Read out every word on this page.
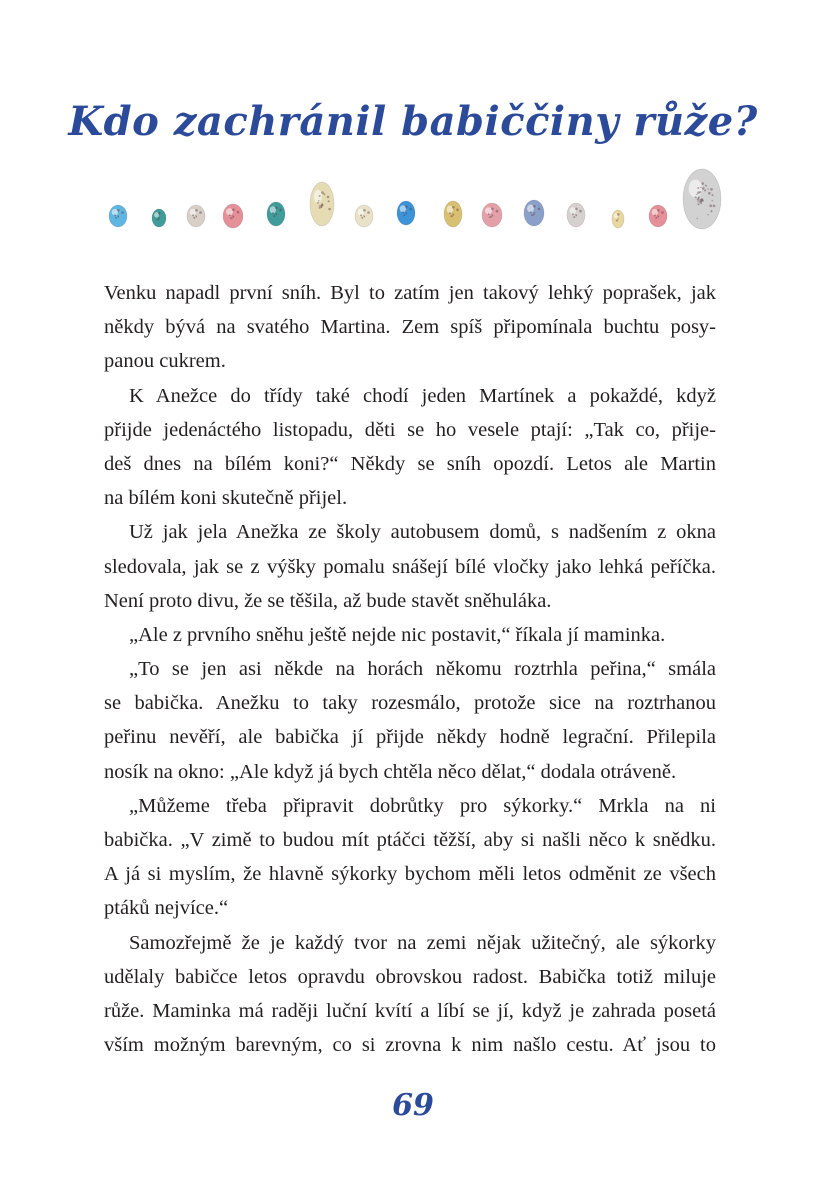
Kdo zachránil babiččiny růže?
Venku napadl první sníh. Byl to zatím jen takový lehký poprašek, jak
někdy bývá na svatého Martina. Zem spíš připomínala buchtu posy-
panou cukrem.
K Anežce do třídy také chodí jeden Martínek a pokaždé, když
přijde jedenáctého listopadu, děti se ho vesele ptají: „Tak co, přije-
deš dnes na bílém koni?“ Někdy se sníh opozdí. Letos ale Martin
na bílém koni skutečně přijel.
Už jak jela Anežka ze školy autobusem domů, s nadšením z okna
sledovala, jak se z výšky pomalu snášejí bílé vločky jako lehká peříčka.
Není proto divu, že se těšila, až bude stavět sněhuláka.
„Ale z prvního sněhu ještě nejde nic postavit,“ říkala jí maminka.
„To se jen asi někde na horách někomu roztrhla peřina,“ smála
se babička. Anežku to taky rozesmálo, protože sice na roztrhanou
peřinu nevěří, ale babička jí přijde někdy hodně legrační. Přilepila
nosík na okno: „Ale když já bych chtěla něco dělat,“ dodala otráveně.
„Můžeme třeba připravit dobrůtky pro sýkorky.“ Mrkla na ni
babička. „V zimě to budou mít ptáčci těžší, aby si našli něco k snědku.
A já si myslím, že hlavně sýkorky bychom měli letos odměnit ze všech
ptáků nejvíce.“
Samozřejmě že je každý tvor na zemi nějak užitečný, ale sýkorky
udělaly babičce letos opravdu obrovskou radost. Babička totiž miluje
růže. Maminka má raději luční kvítí a líbí se jí, když je zahrada posetá
vším možným barevným, co si zrovna k nim našlo cestu. Ať jsou to
69
